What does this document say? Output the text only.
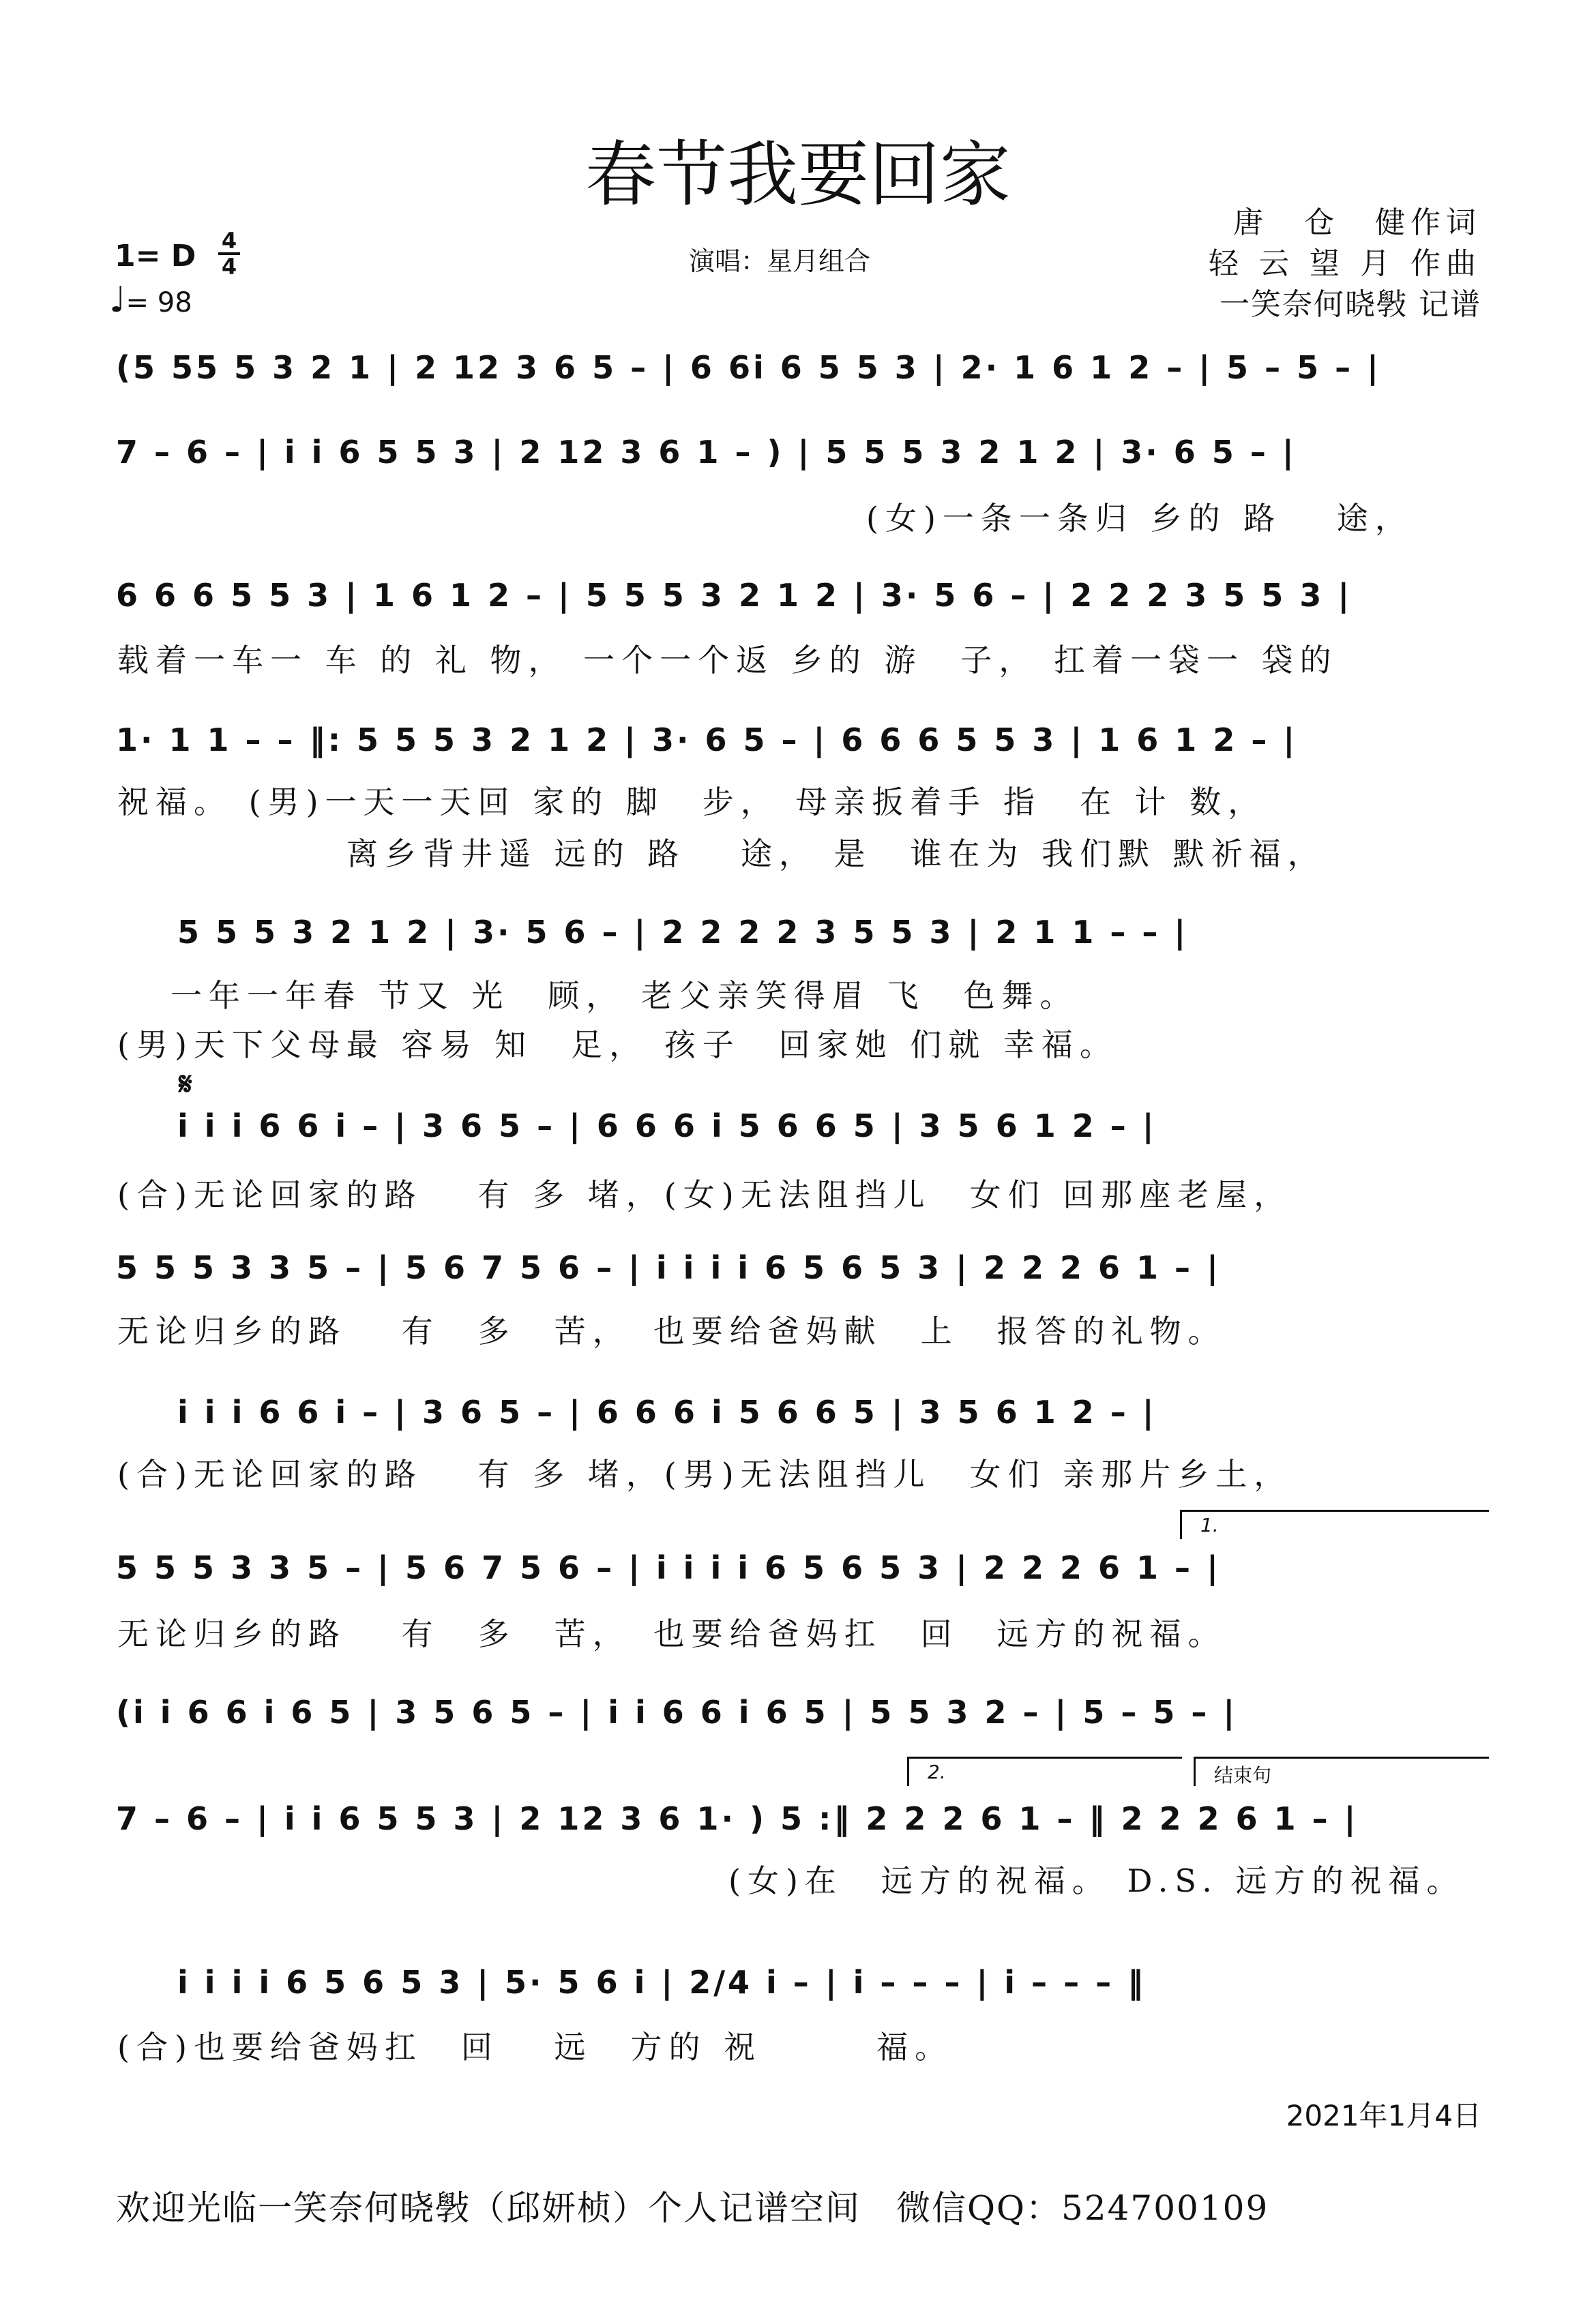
春节我要回家
唐　仓　健作词
轻 云 望 月 作曲
一笑奈何晓斅 记谱
演唱：星月组合
1= D 4
4
♩= 98
(5 55 5 3 2 1 | 2 12 3 6 5 – | 6 6i 6 5 5 3 | 2· 1 6 1 2 – | 5 – 5 – |
7 – 6 – | i i 6 5 5 3 | 2 12 3 6 1 – ) | 5 5 5 3 2 1 2 | 3· 6 5 – |
(女)一条一条归 乡的 路　 途，
6 6 6 5 5 3 | 1 6 1 2 – | 5 5 5 3 2 1 2 | 3· 5 6 – | 2 2 2 3 5 5 3 |
载着一车一 车 的 礼 物， 一个一个返 乡的 游　子， 扛着一袋一 袋的
1· 1 1 – – ‖: 5 5 5 3 2 1 2 | 3· 6 5 – | 6 6 6 5 5 3 | 1 6 1 2 – |
祝福。 (男)一天一天回 家的 脚　步， 母亲扳着手 指　在 计 数，
　　　　　　离乡背井遥 远的 路　 途， 是　谁在为 我们默 默祈福，
5 5 5 3 2 1 2 | 3· 5 6 – | 2 2 2 2 3 5 5 3 | 2 1 1 – – |
一年一年春 节又 光　顾， 老父亲笑得眉 飞　色舞。
(男)天下父母最 容易 知　足， 孩子　回家她 们就 幸福。
𝄋
i i i 6 6 i – | 3 6 5 – | 6 6 6 i 5 6 6 5 | 3 5 6 1 2 – |
(合)无论回家的路　 有 多 堵，(女)无法阻挡儿　女们 回那座老屋，
5 5 5 3 3 5 – | 5 6 7 5 6 – | i i i i 6 5 6 5 3 | 2 2 2 6 1 – |
无论归乡的路　 有　多　苦，　也要给爸妈献　上　报答的礼物。
i i i 6 6 i – | 3 6 5 – | 6 6 6 i 5 6 6 5 | 3 5 6 1 2 – |
(合)无论回家的路　 有 多 堵，(男)无法阻挡儿　女们 亲那片乡土，
1.
5 5 5 3 3 5 – | 5 6 7 5 6 – | i i i i 6 5 6 5 3 | 2 2 2 6 1 – |
无论归乡的路　 有　多　苦，　也要给爸妈扛　回　远方的祝福。
(i i 6 6 i 6 5 | 3 5 6 5 – | i i 6 6 i 6 5 | 5 5 3 2 – | 5 – 5 – |
2.	结束句
7 – 6 – | i i 6 5 5 3 | 2 12 3 6 1· ) 5 :‖ 2 2 2 6 1 – ‖ 2 2 2 6 1 – |
　　　　　　　　　　　　　　　　(女)在　远方的祝福。 D.S. 远方的祝福。
i i i i 6 5 6 5 3 | 5· 5 6 i | 2/4 i – | i – – – | i – – – ‖
(合)也要给爸妈扛　回　 远　方的 祝　　　福。
2021年1月4日
欢迎光临一笑奈何晓斅（邱妍桢）个人记谱空间　微信QQ：524700109
